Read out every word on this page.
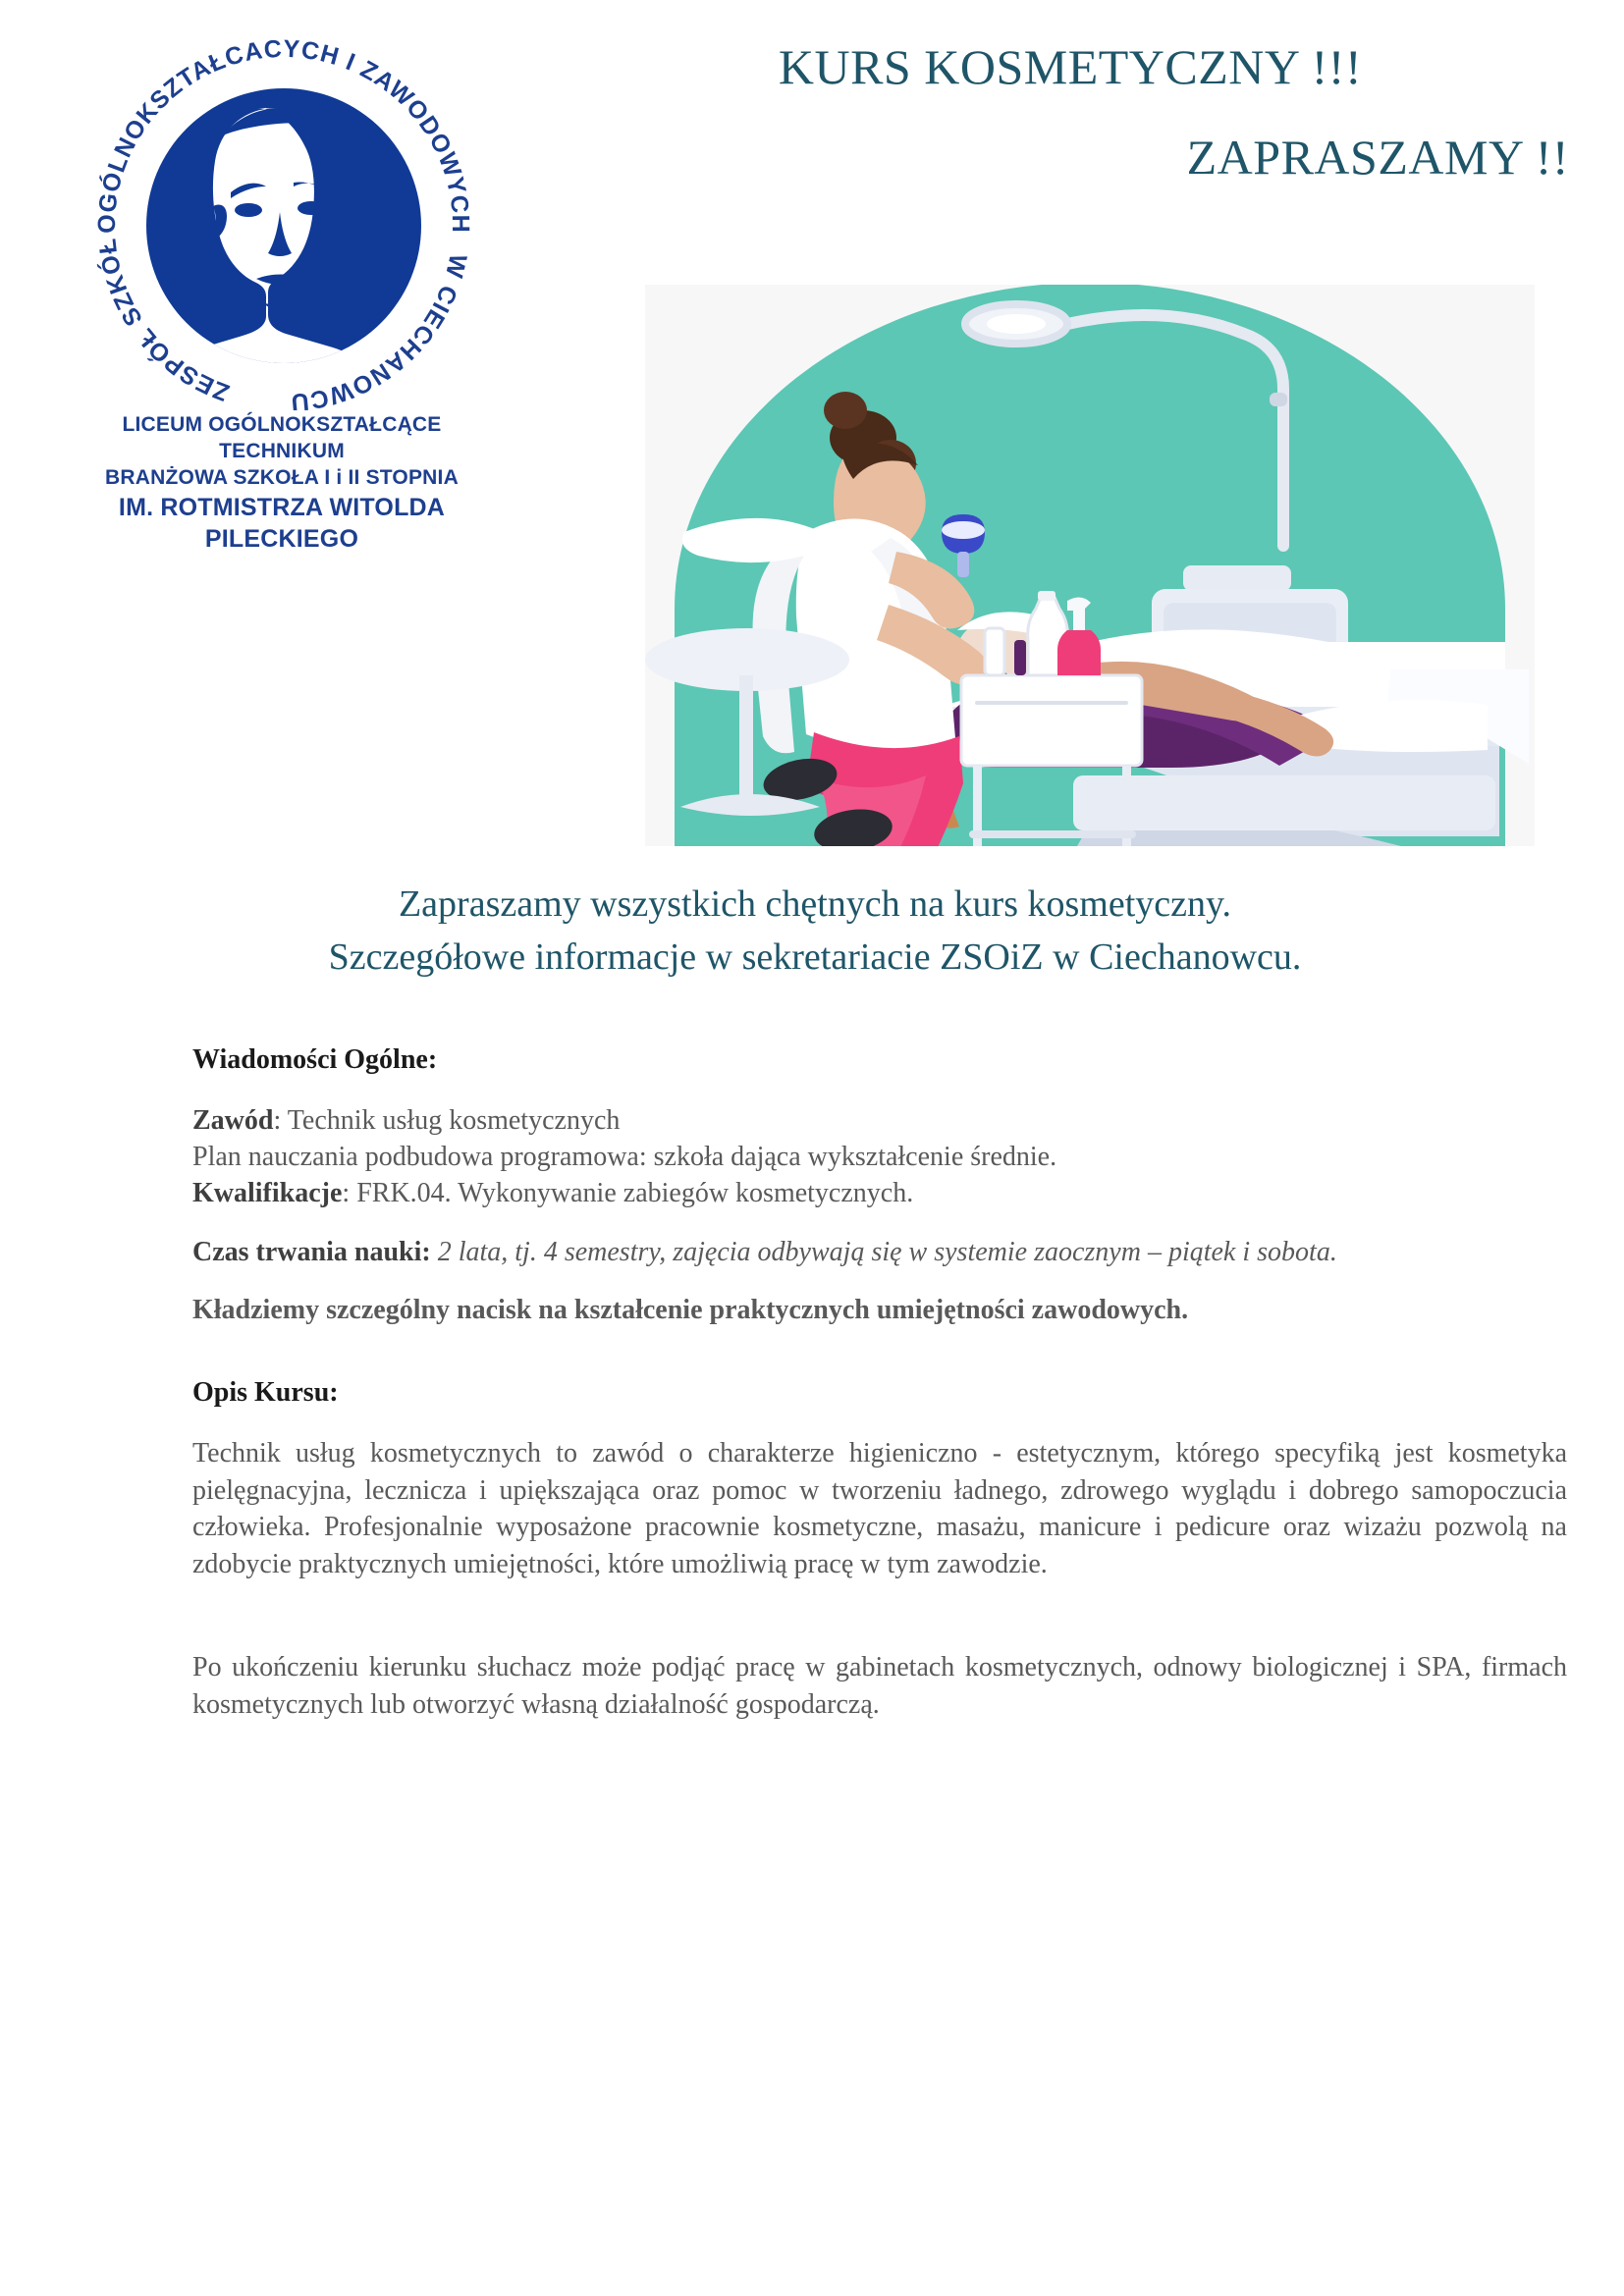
OGÓLNOKSZTAŁCACYCH I ZAWODOWYCH
W CIECHANOWCU
ZESPÓŁ SZKÓŁ
LICEUM OGÓLNOKSZTAŁCĄCE
TECHNIKUM
BRANŻOWA SZKOŁA I i II STOPNIA
IM. ROTMISTRZA WITOLDA PILECKIEGO
KURS KOSMETYCZNY !!!
ZAPRASZAMY !!
Zapraszamy wszystkich chętnych na kurs kosmetyczny.
Szczegółowe informacje w sekretariacie ZSOiZ w Ciechanowcu.
Wiadomości Ogólne:
Zawód: Technik usług kosmetycznych
Plan nauczania podbudowa programowa: szkoła dająca wykształcenie średnie.
Kwalifikacje: FRK.04. Wykonywanie zabiegów kosmetycznych.
Czas trwania nauki: 2 lata, tj. 4 semestry, zajęcia odbywają się w systemie zaocznym – piątek i sobota.
Kładziemy szczególny nacisk na kształcenie praktycznych umiejętności zawodowych.
Opis Kursu:
Technik usług kosmetycznych to zawód o charakterze higieniczno - estetycznym, którego specyfiką jest kosmetyka pielęgnacyjna, lecznicza i upiększająca oraz pomoc w tworzeniu ładnego, zdrowego wyglądu i dobrego samopoczucia człowieka. Profesjonalnie wyposażone pracownie kosmetyczne, masażu, manicure i pedicure oraz wizażu pozwolą na zdobycie praktycznych umiejętności, które umożliwią pracę w tym zawodzie.
Po ukończeniu kierunku słuchacz może podjąć pracę w gabinetach kosmetycznych, odnowy biologicznej i SPA, firmach kosmetycznych lub otworzyć własną działalność gospodarczą.
